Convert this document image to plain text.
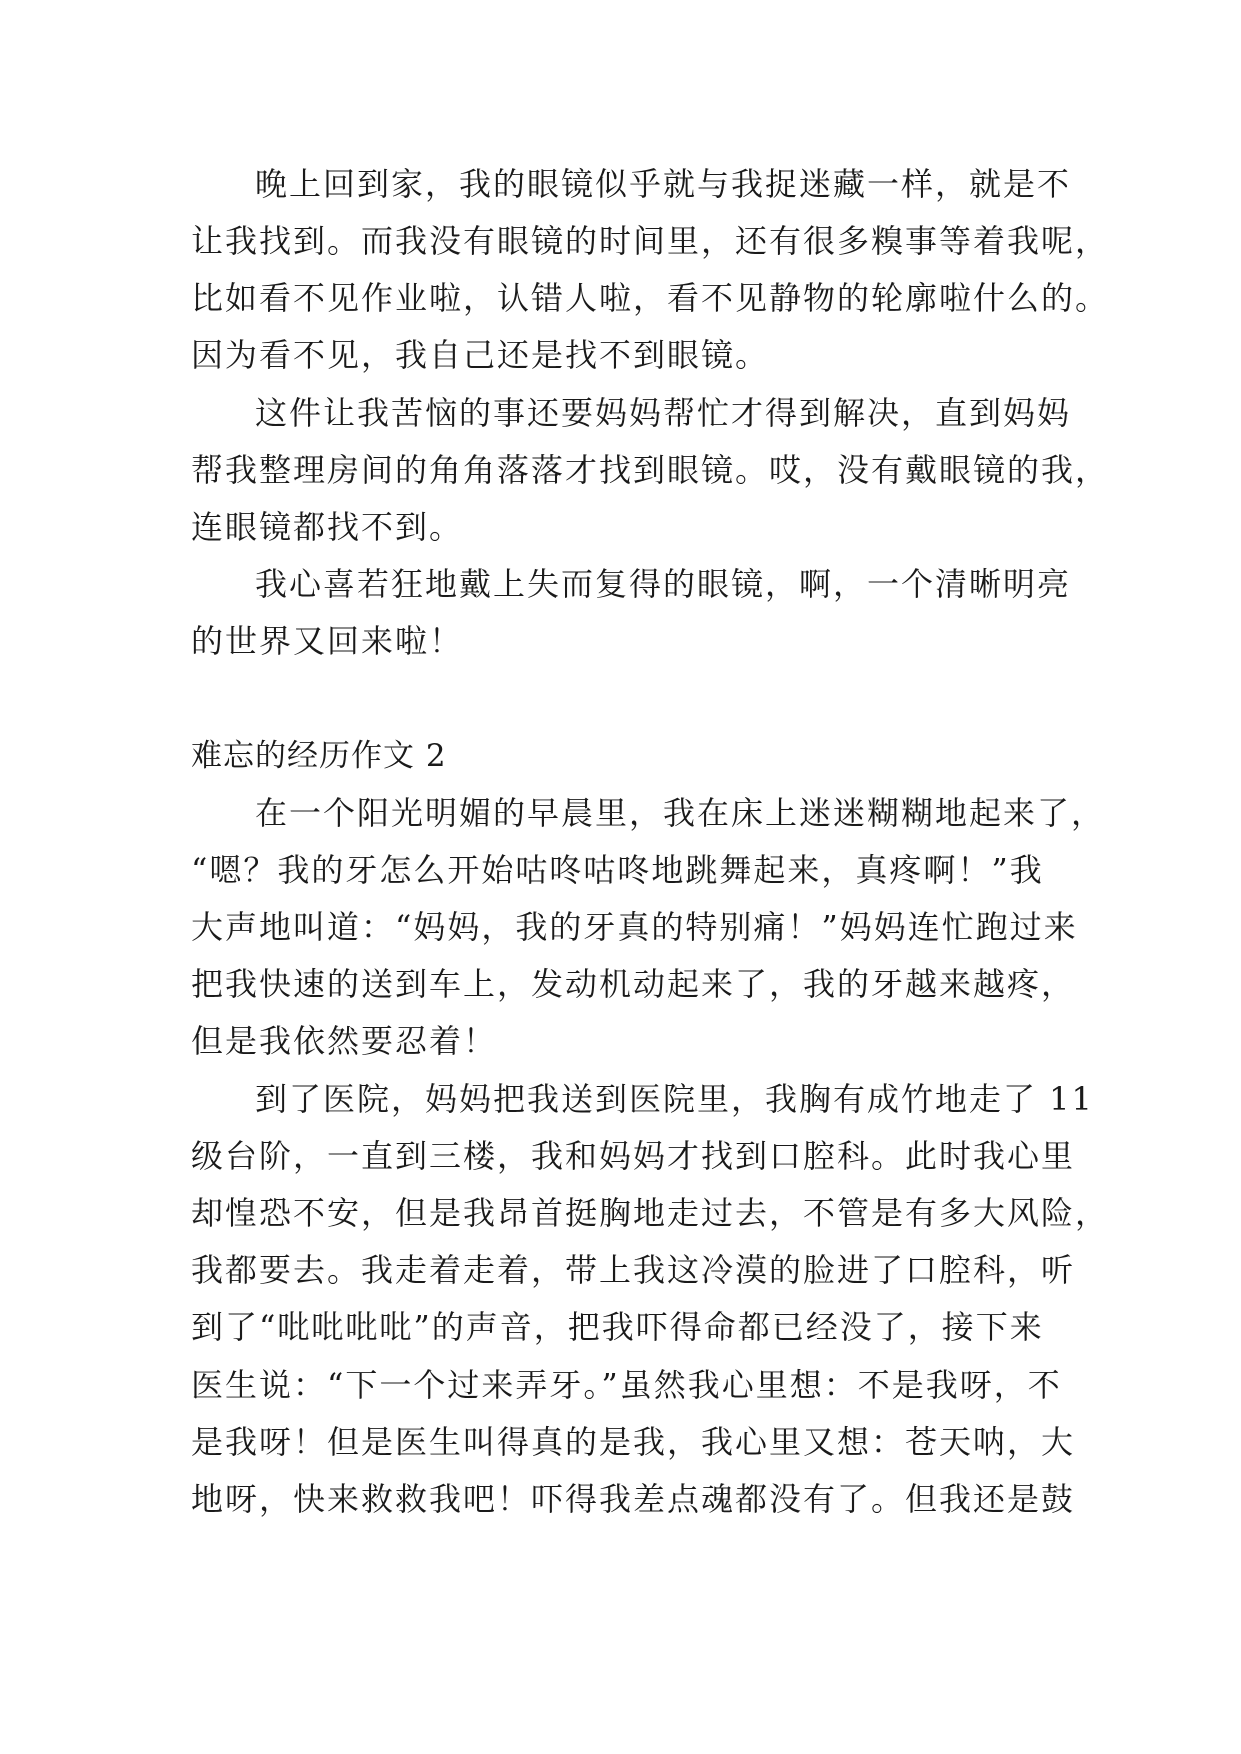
晚上回到家，我的眼镜似乎就与我捉迷藏一样，就是不
让我找到。而我没有眼镜的时间里，还有很多糗事等着我呢，
比如看不见作业啦，认错人啦，看不见静物的轮廓啦什么的。
因为看不见，我自己还是找不到眼镜。
这件让我苦恼的事还要妈妈帮忙才得到解决，直到妈妈
帮我整理房间的角角落落才找到眼镜。哎，没有戴眼镜的我，
连眼镜都找不到。
我心喜若狂地戴上失而复得的眼镜，啊，一个清晰明亮
的世界又回来啦！
难忘的经历作文 2
在一个阳光明媚的早晨里，我在床上迷迷糊糊地起来了，
“嗯？我的牙怎么开始咕咚咕咚地跳舞起来，真疼啊！”我
大声地叫道：“妈妈，我的牙真的特别痛！”妈妈连忙跑过来
把我快速的送到车上，发动机动起来了，我的牙越来越疼，
但是我依然要忍着！
到了医院，妈妈把我送到医院里，我胸有成竹地走了 11
级台阶，一直到三楼，我和妈妈才找到口腔科。此时我心里
却惶恐不安，但是我昂首挺胸地走过去，不管是有多大风险，
我都要去。我走着走着，带上我这冷漠的脸进了口腔科，听
到了“吡吡吡吡”的声音，把我吓得命都已经没了，接下来
医生说：“下一个过来弄牙。”虽然我心里想：不是我呀，不
是我呀！但是医生叫得真的是我，我心里又想：苍天呐，大
地呀，快来救救我吧！吓得我差点魂都没有了。但我还是鼓
